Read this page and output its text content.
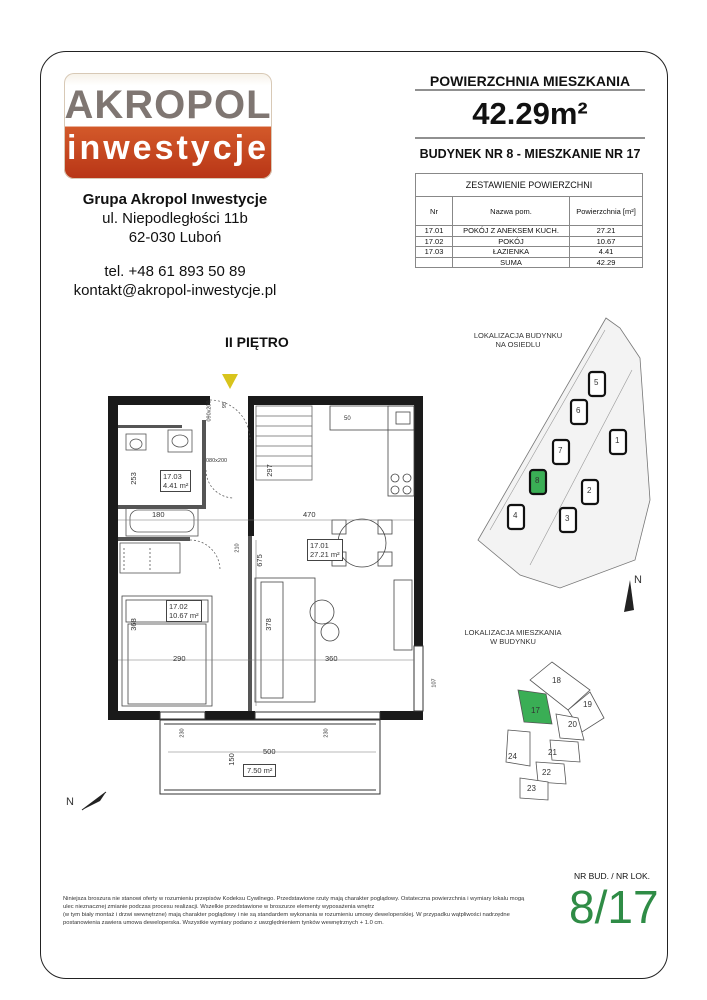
AKROPOL
inwestycje
Grupa Akropol Inwestycje
ul. Niepodległości 11b
62-030 Luboń
tel. +48 61 893 50 89
kontakt@akropol-inwestycje.pl
POWIERZCHNIA MIESZKANIA
42.29m²
BUDYNEK NR 8 - MIESZKANIE NR 17
ZESTAWIENIE POWIERZCHNI		
Nr	Nazwa pom.	Powierzchnia [m²]
17.01	POKÓJ Z ANEKSEM KUCH.	27.21
17.02	POKÓJ	10.67
17.03	ŁAZIENKA	4.41
	SUMA	42.29
II PIĘTRO
17.03
4.41 m²
17.02
10.67 m²
17.01
27.21 m²
7.50 m²
470
180
290	360
500
150
675
378
368
253
297
080x200
090x200 95
210
230	230
107
50
N
LOKALIZACJA BUDYNKU
NA OSIEDLU
5
6
7
8
1
2
3
4
N
LOKALIZACJA MIESZKANIA
W BUDYNKU
18
17
19
20
21
22
24
23
Niniejsza broszura nie stanowi oferty w rozumieniu przepisów Kodeksu Cywilnego. Przedstawione rzuty mają charakter poglądowy. Ostateczna powierzchnia i wymiary lokalu mogą
ulec nieznacznej zmianie podczas procesu realizacji. Wszelkie przedstawione w broszurze elementy wyposażenia wnętrz
(w tym biały montaż i drzwi wewnętrzne) mają charakter poglądowy i nie są standardem wykonania w rozumieniu umowy deweloperskiej. W przypadku wątpliwości nadrzędne
postanowienia zawiera umowa deweloperska. Wszystkie wymiary podano z uwzględnieniem tynków wewnętrznych + 1.0 cm.
NR BUD. / NR LOK.
8/17
